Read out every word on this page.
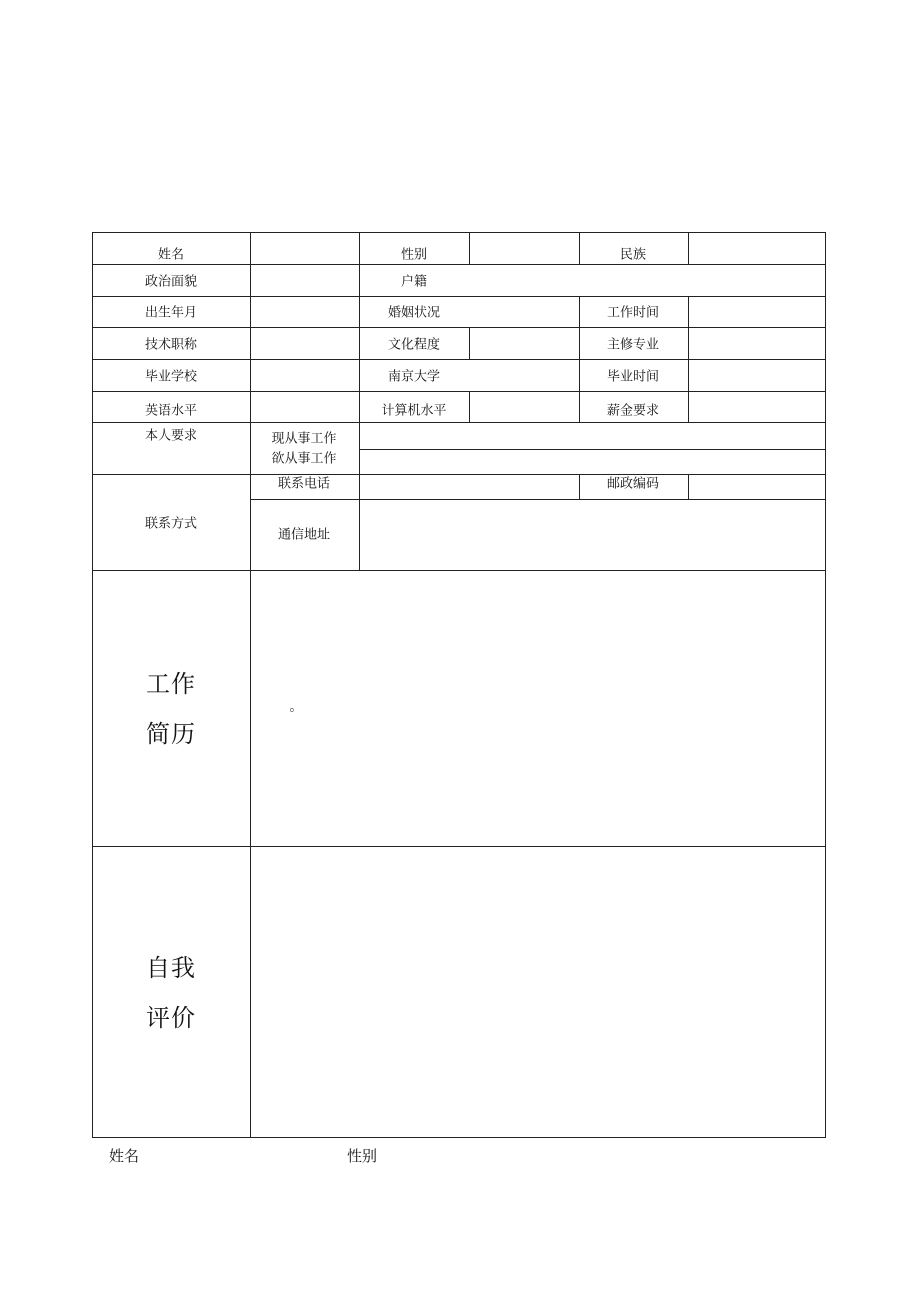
姓名	性别	民族
政治面貌	户籍
出生年月	婚姻状况	工作时间
技术职称	文化程度	主修专业
毕业学校	南京大学	毕业时间
英语水平	计算机水平	薪金要求
本人要求	现从事工作
欲从事工作
联系方式
联系电话	邮政编码
通信地址
工作
简历
。
自我
评价
姓名	性别
